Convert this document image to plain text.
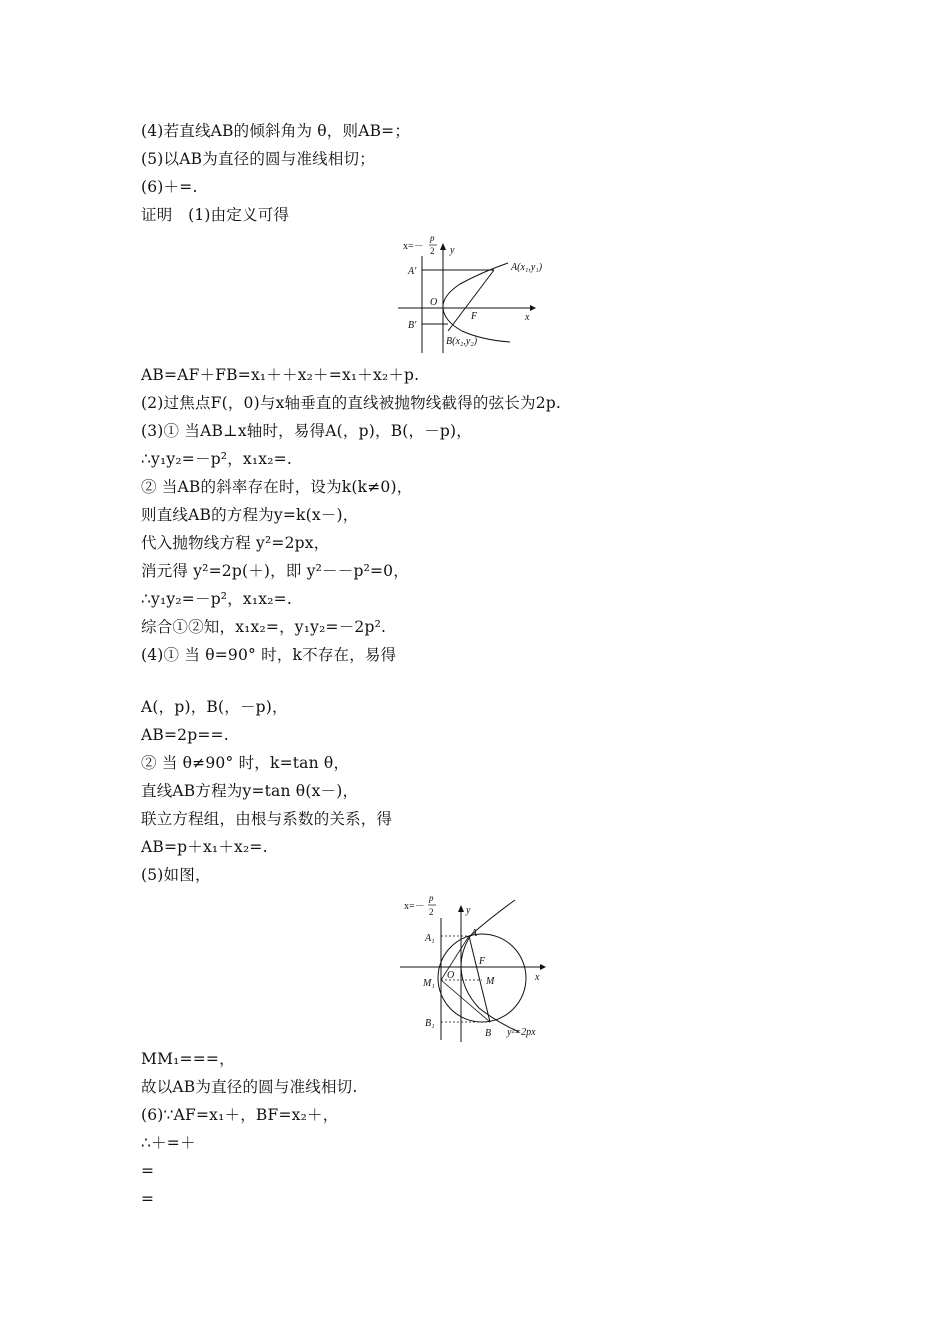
(4)若直线AB的倾斜角为 θ，则AB=；
(5)以AB为直径的圆与准线相切；
(6)＋=.
证明　(1)由定义可得
x=－
p
2 y
x
O
F
A′
B′
A(x₁,y₁)
B(x₂,y₂)
AB=AF＋FB=x₁＋＋x₂＋=x₁＋x₂＋p.
(2)过焦点F(，0)与x轴垂直的直线被抛物线截得的弦长为2p.
(3)① 当AB⊥x轴时，易得A(，p)，B(，－p)，
∴y₁y₂=－p²，x₁x₂=.
② 当AB的斜率存在时，设为k(k≠0)，
则直线AB的方程为y=k(x－)，
代入抛物线方程 y²=2px，
消元得 y²=2p(＋)，即 y²－－p²=0，
∴y₁y₂=－p²，x₁x₂=.
综合①②知，x₁x₂=，y₁y₂=－2p².
(4)① 当 θ=90° 时，k不存在，易得
A(，p)，B(，－p)，
AB=2p==.
② 当 θ≠90° 时，k=tan θ，
直线AB方程为y=tan θ(x－)，
联立方程组，由根与系数的关系，得
AB=p＋x₁＋x₂=.
(5)如图，
x=－
p
2	y
x
O
F
M
A
B
A₁
M₁
B₁
y²=2px
MM₁===，
故以AB为直径的圆与准线相切.
(6)∵AF=x₁＋，BF=x₂＋，
∴＋=＋
=
=
